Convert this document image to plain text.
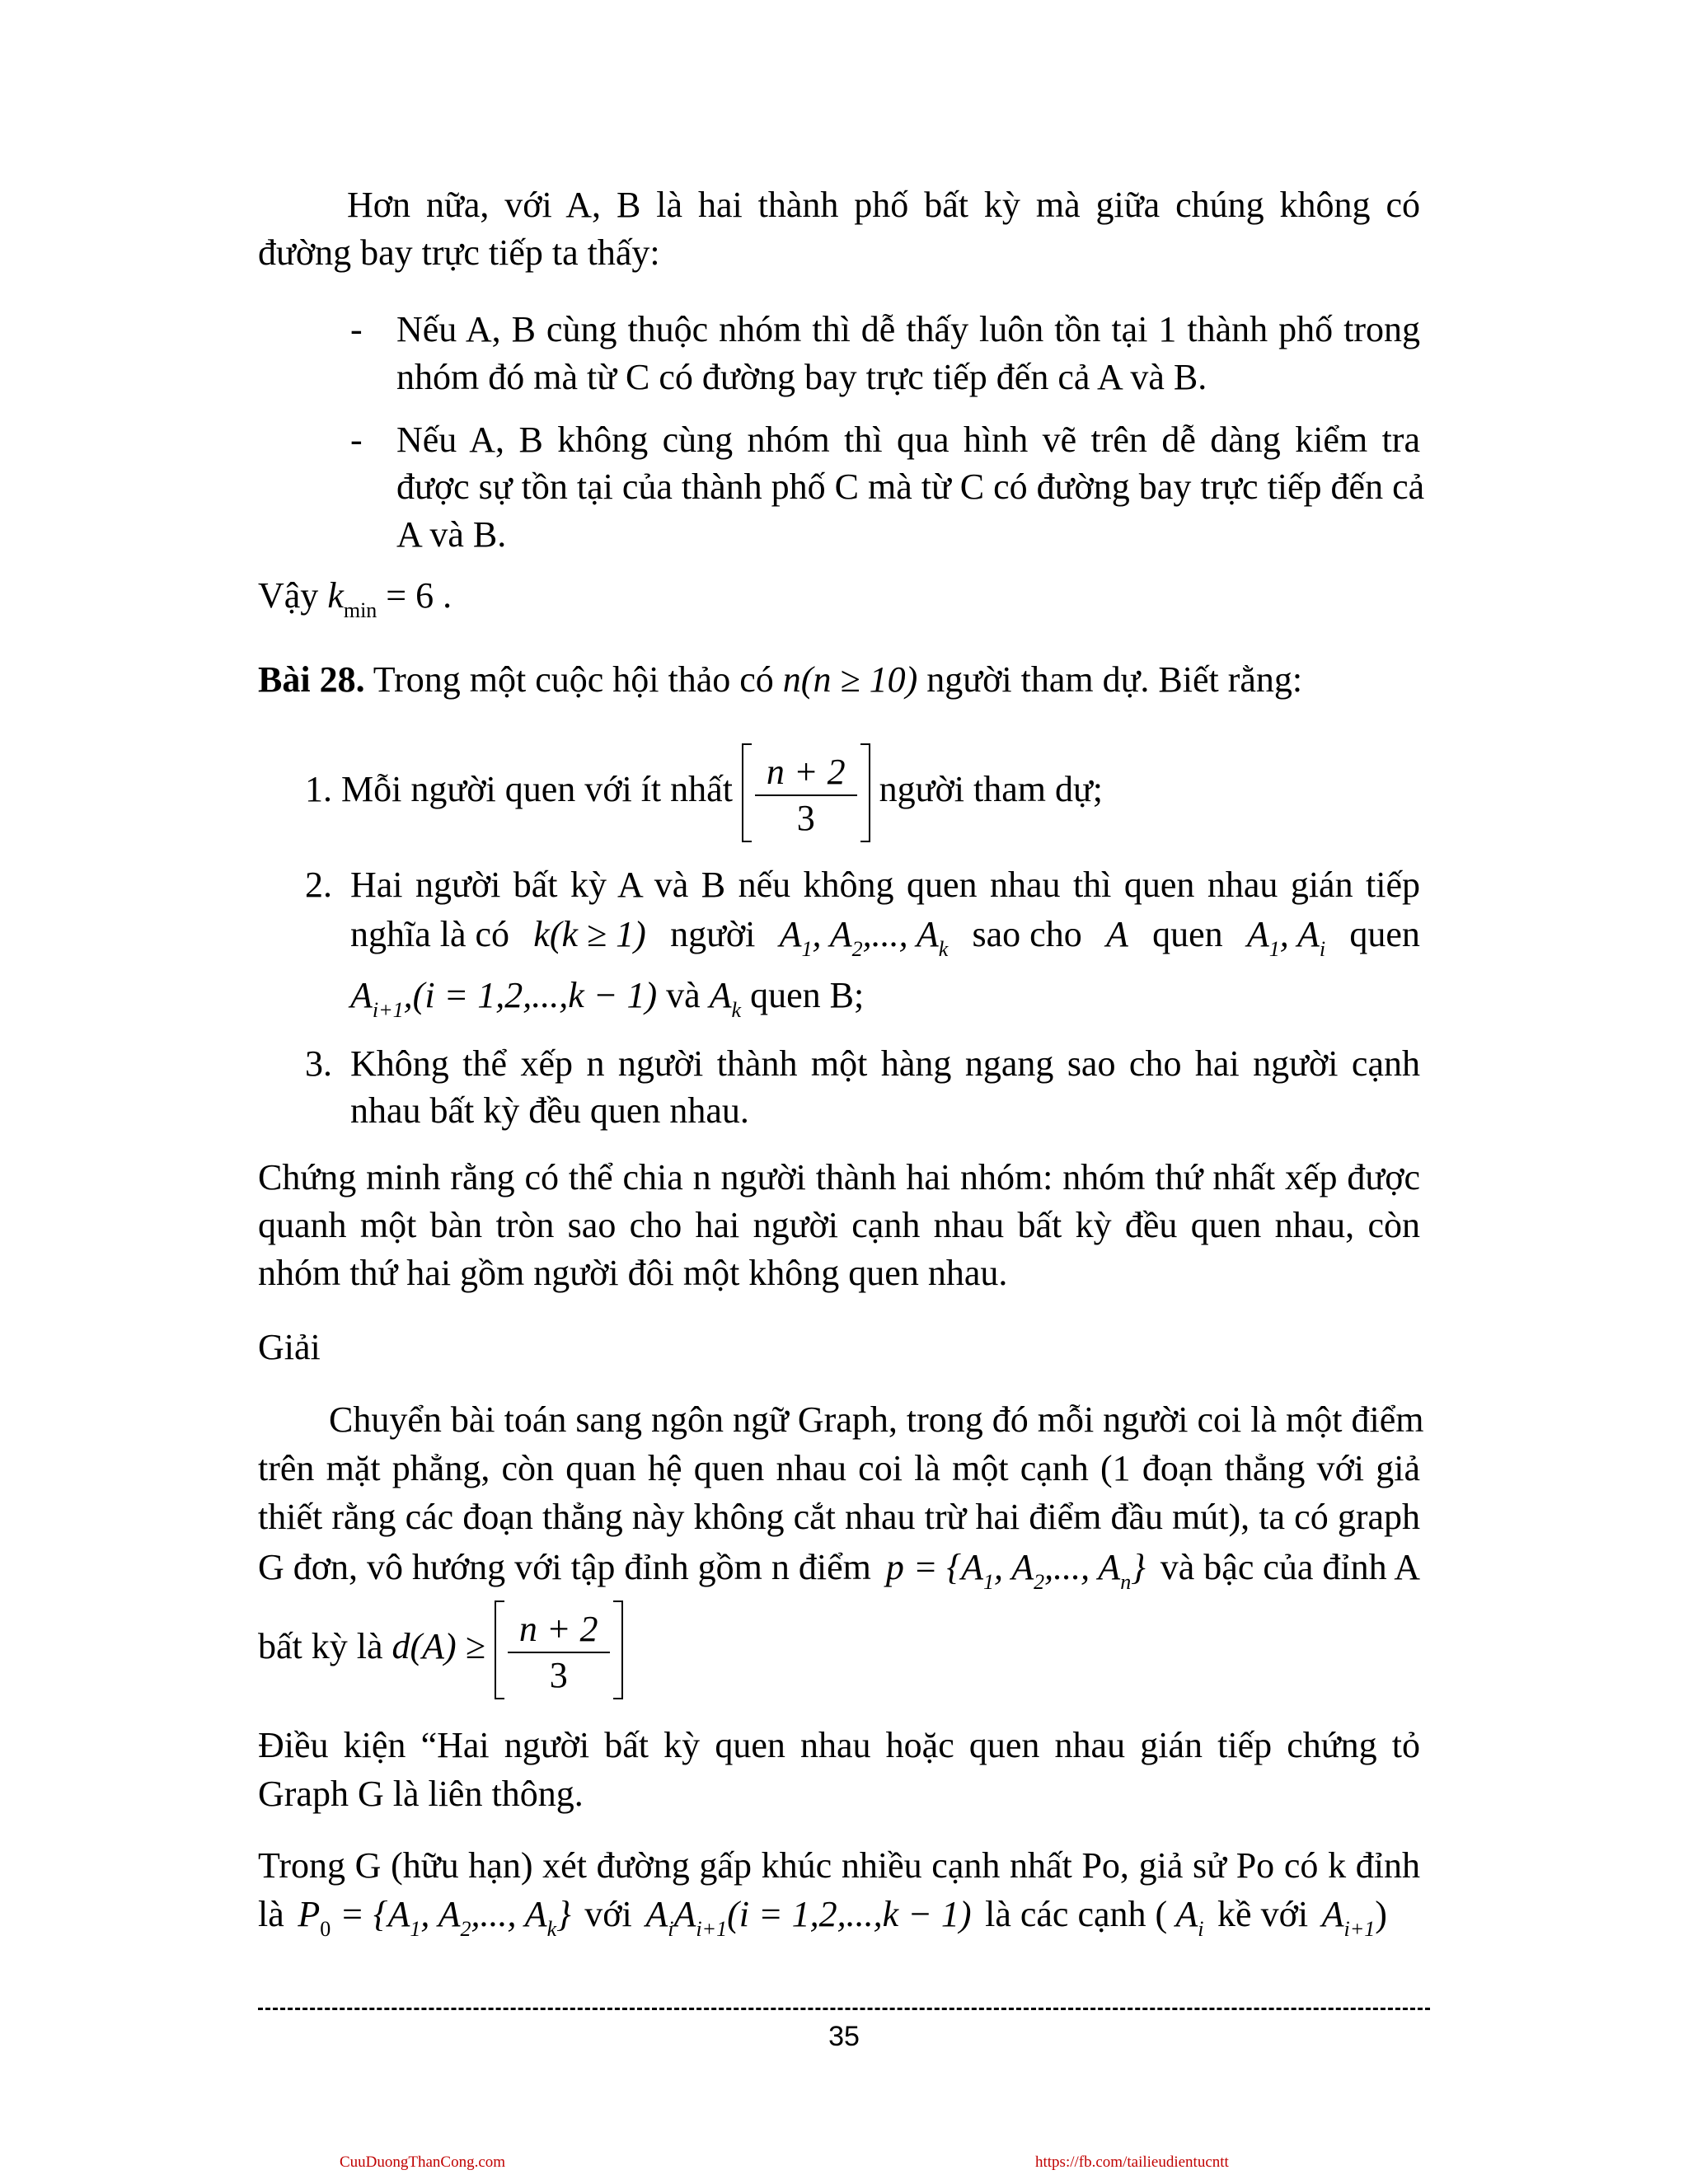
Hơn nữa, với A, B là hai thành phố bất kỳ mà giữa chúng không có
đường bay trực tiếp ta thấy:
- Nếu A, B cùng thuộc nhóm thì dễ thấy luôn tồn tại 1 thành phố trong
nhóm đó mà từ C có đường bay trực tiếp đến cả A và B.
- Nếu A, B không cùng nhóm thì qua hình vẽ trên dễ dàng kiểm tra
được sự tồn tại của thành phố C mà từ C có đường bay trực tiếp đến cả
A và B.
Vậy $k_{min} = 6$ .
Bài 28. Trong một cuộc hội thảo có n(n ≥ 10) người tham dự. Biết rằng:
1. Mỗi người quen với ít nhất $\frac{n + 2}{3}$ người tham dự;
2. Hai người bất kỳ A và B nếu không quen nhau thì quen nhau gián tiếp
nghĩa là có k(k ≥ 1) người $A_1$, $A_2$,..., $A_k$ sao cho A quen $A_1$, $A_i$ quen
$A_{i+1},(i = 1,2,...,k - 1)$ và $A_k$ quen B;
3. Không thể xếp n người thành một hàng ngang sao cho hai người cạnh
nhau bất kỳ đều quen nhau.
Chứng minh rằng có thể chia n người thành hai nhóm: nhóm thứ nhất xếp được
quanh một bàn tròn sao cho hai người cạnh nhau bất kỳ đều quen nhau, còn
nhóm thứ hai gồm người đôi một không quen nhau.
Giải
Chuyển bài toán sang ngôn ngữ Graph, trong đó mỗi người coi là một điểm
trên mặt phẳng, còn quan hệ quen nhau coi là một cạnh (1 đoạn thẳng với giả
thiết rằng các đoạn thẳng này không cắt nhau trừ hai điểm đầu mút), ta có graph
G đơn, vô hướng với tập đỉnh gồm n điểm $p = \{A_1$, $A_2$,..., $A_n$} và bậc của đỉnh A
bất kỳ là $d(A) \ge \frac{n + 2}{3}$
Điều kiện “Hai người bất kỳ quen nhau hoặc quen nhau gián tiếp chứng tỏ
Graph G là liên thông.
Trong G (hữu hạn) xét đường gấp khúc nhiều cạnh nhất Po, giả sử Po có k đỉnh
là $P_0 = \{A_1$, $A_2$,..., $A_k$} với $A_iA_{i+1}(i = 1,2,...,k - 1)$ là các cạnh ( $A_i$ kề với $A_{i+1}$)
35
CuuDuongThanCong.com	https://fb.com/tailieudientucntt
